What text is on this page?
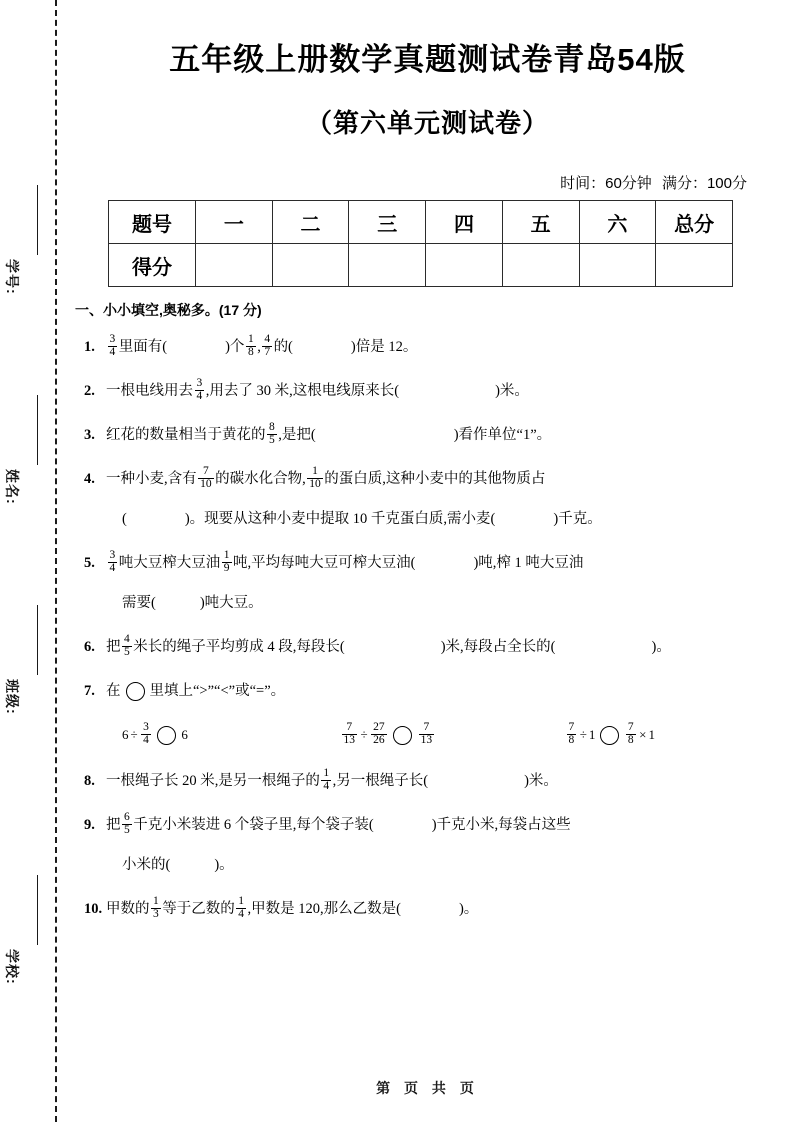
学号:
姓名:
班级:
学校:
五年级上册数学真题测试卷青岛54版
（第六单元测试卷）
时间：60分钟 满分：100分
题号	一	二	三	四	五	六	总分
得分							
一、小小填空,奥秘多。(17 分)
1.	$\frac{3}{4}$ 里面有(	)个 $\frac{1}{8}$ , $\frac{4}{7}$ 的(	)倍是 12。
2. 一根电线用去 $\frac{3}{4}$ ,用去了 30 米,这根电线原来长(	)米。
3. 红花的数量相当于黄花的 $\frac{8}{5}$ ,是把(	)看作单位“1”。
4. 一种小麦,含有 $\frac{7}{10}$ 的碳水化合物, $\frac{1}{10}$ 的蛋白质,这种小麦中的其他物质占
(	)。现要从这种小麦中提取 10 千克蛋白质,需小麦(	)千克。
5.	$\frac{3}{4}$ 吨大豆榨大豆油 $\frac{1}{9}$ 吨,平均每吨大豆可榨大豆油(	)吨,榨 1 吨大豆油
需要(	)吨大豆。
6. 把 $\frac{4}{5}$ 米长的绳子平均剪成 4 段,每段长(	)米,每段占全长的(	)。
7. 在 里填上“>”“<”或“=”。
$6 \div \frac{3}{4} 6$	$\frac{7}{13} \div \frac{27}{26}$	$\frac{7}{13}$	$\frac{7}{8} \div 1$	$\frac{7}{8} \times 1$
8. 一根绳子长 20 米,是另一根绳子的 $\frac{1}{4}$ ,另一根绳子长(	)米。
9. 把 $\frac{6}{5}$ 千克小米装进 6 个袋子里,每个袋子装(	)千克小米,每袋占这些
小米的(	)。
10. 甲数的 $\frac{1}{3}$ 等于乙数的 $\frac{1}{4}$ ,甲数是 120,那么乙数是(	)。
第 页 共 页
